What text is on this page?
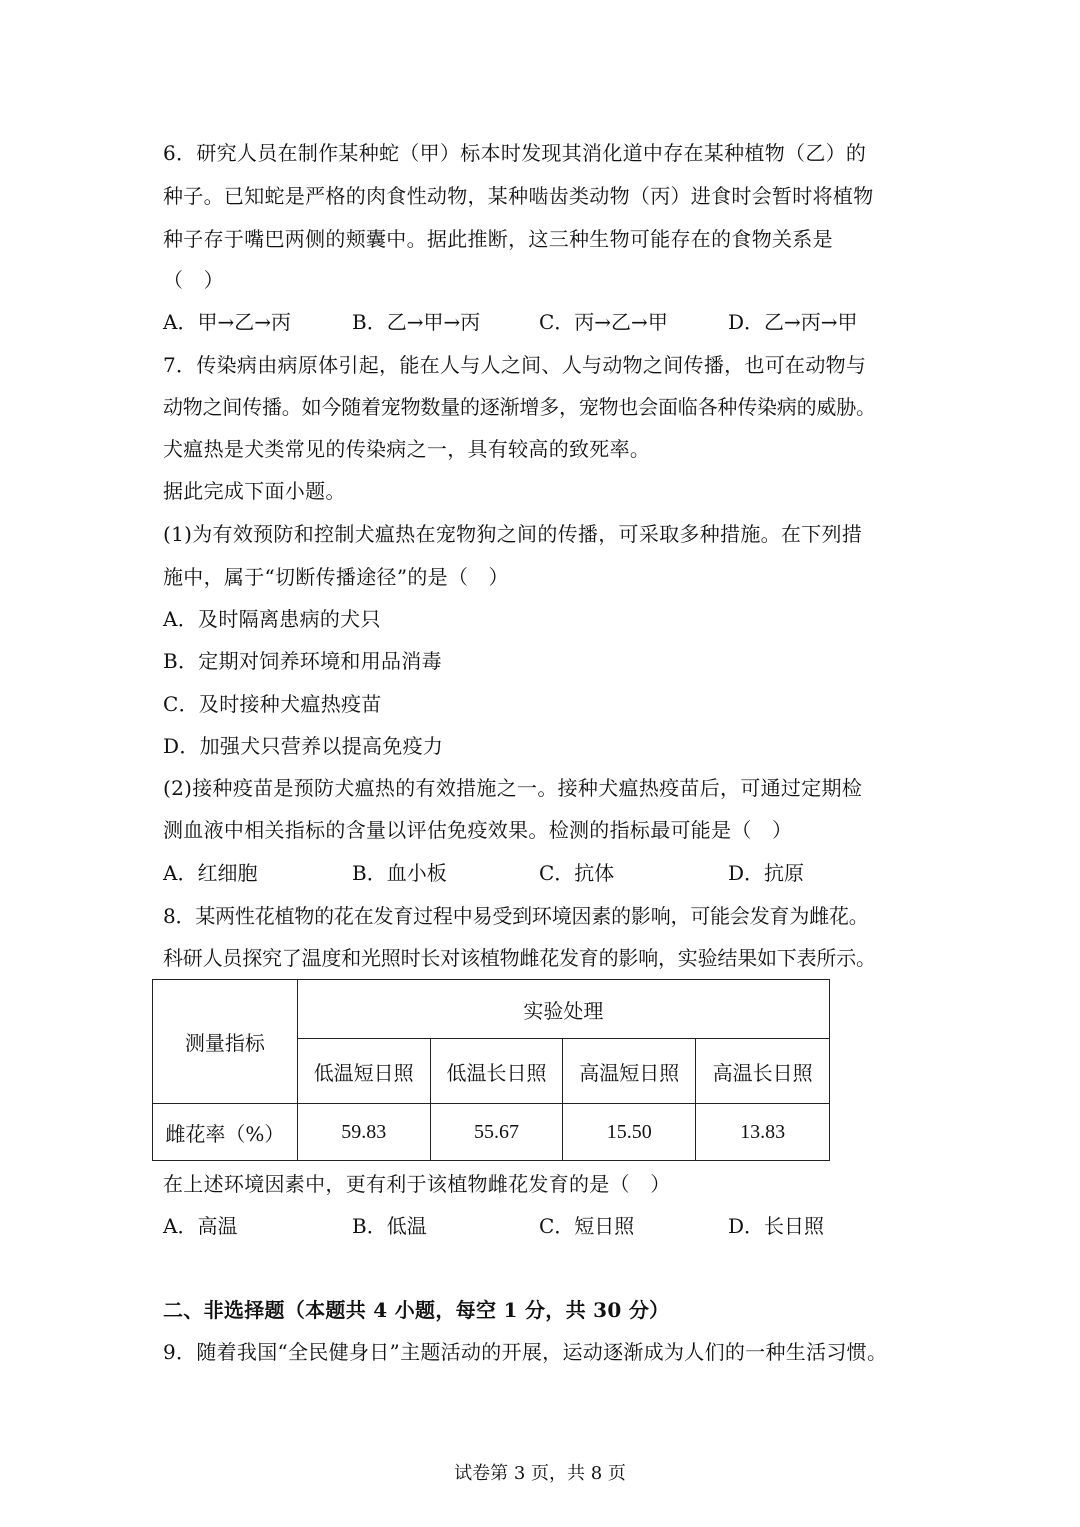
6．研究人员在制作某种蛇（甲）标本时发现其消化道中存在某种植物（乙）的
种子。已知蛇是严格的肉食性动物，某种啮齿类动物（丙）进食时会暂时将植物
种子存于嘴巴两侧的颊囊中。据此推断，这三种生物可能存在的食物关系是
（　）
A．甲→乙→丙	B．乙→甲→丙	C．丙→乙→甲	D．乙→丙→甲
7．传染病由病原体引起，能在人与人之间、人与动物之间传播，也可在动物与
动物之间传播。如今随着宠物数量的逐渐增多，宠物也会面临各种传染病的威胁。
犬瘟热是犬类常见的传染病之一，具有较高的致死率。
据此完成下面小题。
(1)为有效预防和控制犬瘟热在宠物狗之间的传播，可采取多种措施。在下列措
施中，属于“切断传播途径”的是（　）
A．及时隔离患病的犬只
B．定期对饲养环境和用品消毒
C．及时接种犬瘟热疫苗
D．加强犬只营养以提高免疫力
(2)接种疫苗是预防犬瘟热的有效措施之一。接种犬瘟热疫苗后，可通过定期检
测血液中相关指标的含量以评估免疫效果。检测的指标最可能是（　）
A．红细胞	B．血小板	C．抗体	D．抗原
8．某两性花植物的花在发育过程中易受到环境因素的影响，可能会发育为雌花。
科研人员探究了温度和光照时长对该植物雌花发育的影响，实验结果如下表所示。
测量指标	实验处理			
	低温短日照	低温长日照	高温短日照	高温长日照
雌花率（%）	59.83	55.67	15.50	13.83
在上述环境因素中，更有利于该植物雌花发育的是（　）
A．高温	B．低温	C．短日照	D．长日照
二、非选择题（本题共 4 小题，每空 1 分，共 30 分）
9．随着我国“全民健身日”主题活动的开展，运动逐渐成为人们的一种生活习惯。
试卷第 3 页，共 8 页
